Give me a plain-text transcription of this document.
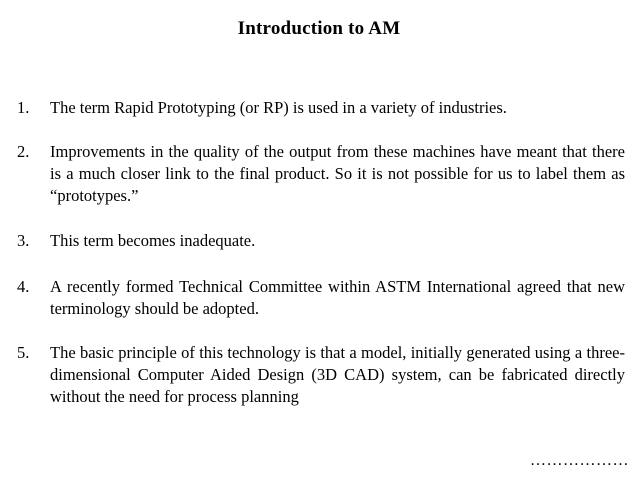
Introduction to AM
1. The term Rapid Prototyping (or RP) is used in a variety of industries.
2. Improvements in the quality of the output from these machines have meant that there is a much closer link to the final product. So it is not possible for us to label them as “prototypes.”
3. This term becomes inadequate.
4. A recently formed Technical Committee within ASTM International agreed that new terminology should be adopted.
5. The basic principle of this technology is that a model, initially generated using a three-dimensional Computer Aided Design (3D CAD) system, can be fabricated directly without the need for process planning
………………
